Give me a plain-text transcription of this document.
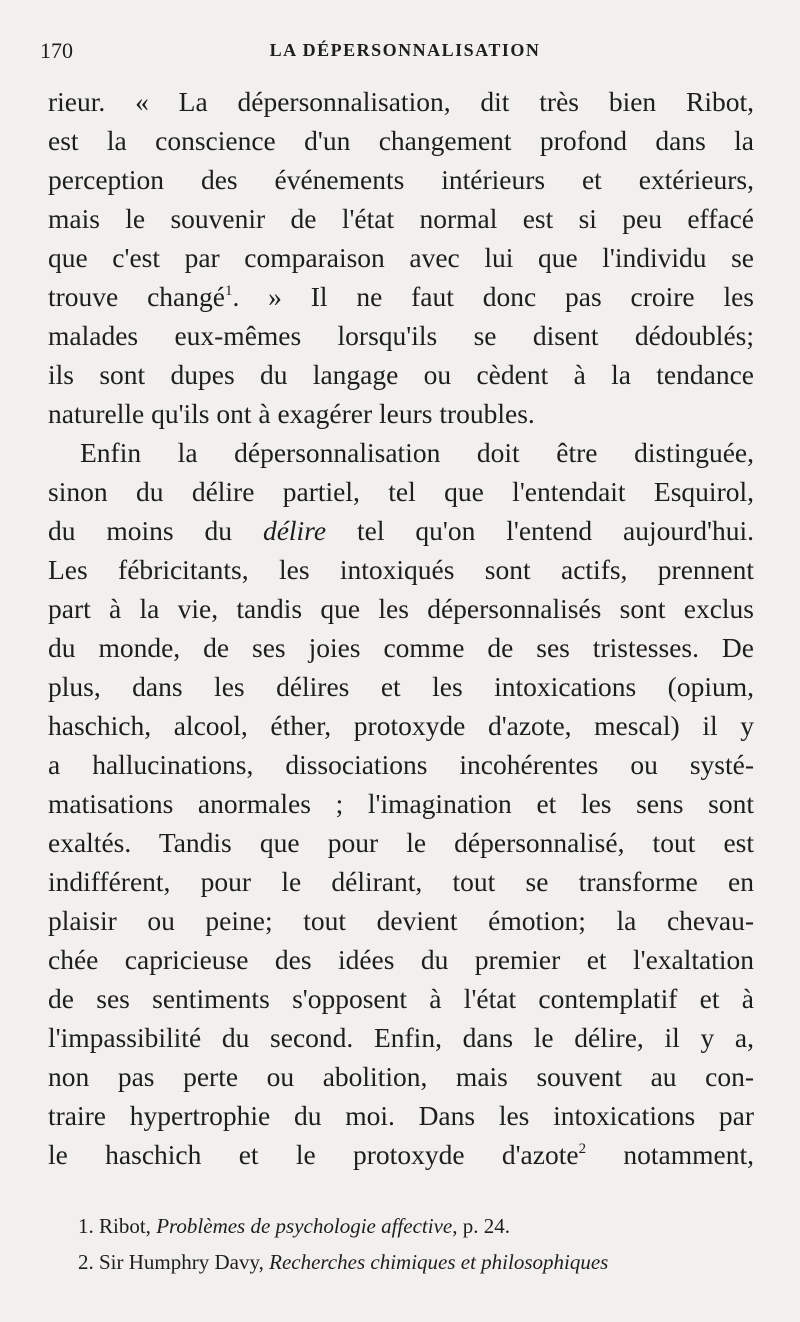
170	LA DÉPERSONNALISATION
rieur. « La dépersonnalisation, dit très bien Ribot,
est la conscience d'un changement profond dans la
perception des événements intérieurs et extérieurs,
mais le souvenir de l'état normal est si peu effacé
que c'est par comparaison avec lui que l'individu se
trouve changé$^1$. » Il ne faut donc pas croire les
malades eux-mêmes lorsqu'ils se disent dédoublés;
ils sont dupes du langage ou cèdent à la tendance
naturelle qu'ils ont à exagérer leurs troubles.
Enfin la dépersonnalisation doit être distinguée,
sinon du délire partiel, tel que l'entendait Esquirol,
du moins du délire tel qu'on l'entend aujourd'hui.
Les fébricitants, les intoxiqués sont actifs, prennent
part à la vie, tandis que les dépersonnalisés sont exclus
du monde, de ses joies comme de ses tristesses. De
plus, dans les délires et les intoxications (opium,
haschich, alcool, éther, protoxyde d'azote, mescal) il y
a hallucinations, dissociations incohérentes ou systé-
matisations anormales ; l'imagination et les sens sont
exaltés. Tandis que pour le dépersonnalisé, tout est
indifférent, pour le délirant, tout se transforme en
plaisir ou peine; tout devient émotion; la chevau-
chée capricieuse des idées du premier et l'exaltation
de ses sentiments s'opposent à l'état contemplatif et à
l'impassibilité du second. Enfin, dans le délire, il y a,
non pas perte ou abolition, mais souvent au con-
traire hypertrophie du moi. Dans les intoxications par
le haschich et le protoxyde d'azote$^2$ notamment,
1. Ribot, Problèmes de psychologie affective, p. 24.
2. Sir Humphry Davy, Recherches chimiques et philosophiques
